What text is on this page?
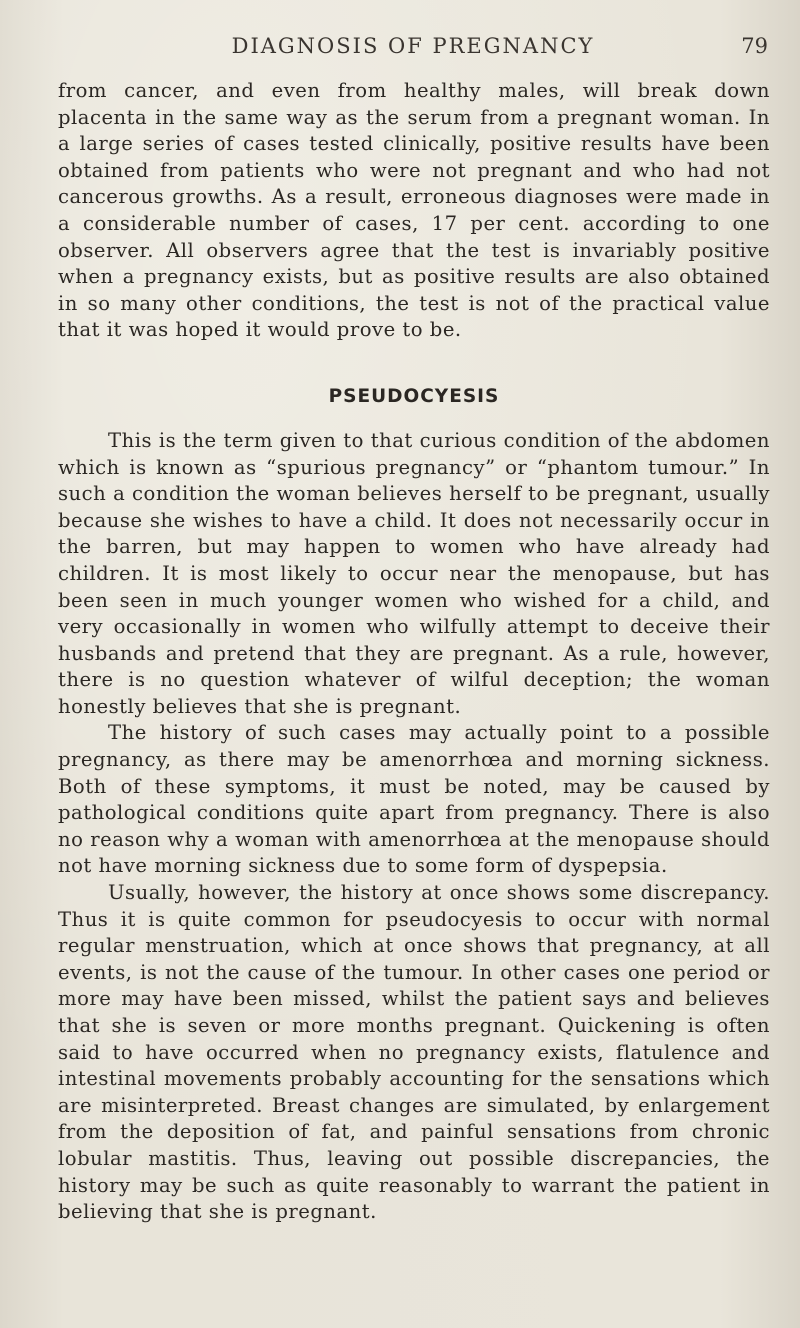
DIAGNOSIS OF PREGNANCY	79

from cancer, and even from healthy males, will break down placenta in the same way as the serum from a pregnant woman. In a large series of cases tested clinically, positive results have been obtained from patients who were not pregnant and who had not cancerous growths. As a result, erroneous diagnoses were made in a considerable number of cases, 17 per cent. according to one observer. All observers agree that the test is invariably positive when a pregnancy exists, but as positive results are also obtained in so many other conditions, the test is not of the practical value that it was hoped it would prove to be.

PSEUDOCYESIS

This is the term given to that curious condition of the abdomen which is known as “spurious pregnancy” or “phantom tumour.” In such a condition the woman believes herself to be pregnant, usually because she wishes to have a child. It does not necessarily occur in the barren, but may happen to women who have already had children. It is most likely to occur near the menopause, but has been seen in much younger women who wished for a child, and very occasionally in women who wilfully attempt to deceive their husbands and pretend that they are pregnant. As a rule, however, there is no question whatever of wilful deception; the woman honestly believes that she is pregnant.

The history of such cases may actually point to a possible pregnancy, as there may be amenorrhœa and morning sickness. Both of these symptoms, it must be noted, may be caused by pathological conditions quite apart from pregnancy. There is also no reason why a woman with amenorrhœa at the menopause should not have morning sickness due to some form of dyspepsia.

Usually, however, the history at once shows some discrepancy. Thus it is quite common for pseudocyesis to occur with normal regular menstruation, which at once shows that pregnancy, at all events, is not the cause of the tumour. In other cases one period or more may have been missed, whilst the patient says and believes that she is seven or more months pregnant. Quickening is often said to have occurred when no pregnancy exists, flatulence and intestinal movements probably accounting for the sensations which are misinterpreted. Breast changes are simulated, by enlargement from the deposition of fat, and painful sensations from chronic lobular mastitis. Thus, leaving out possible discrepancies, the history may be such as quite reasonably to warrant the patient in believing that she is pregnant.
